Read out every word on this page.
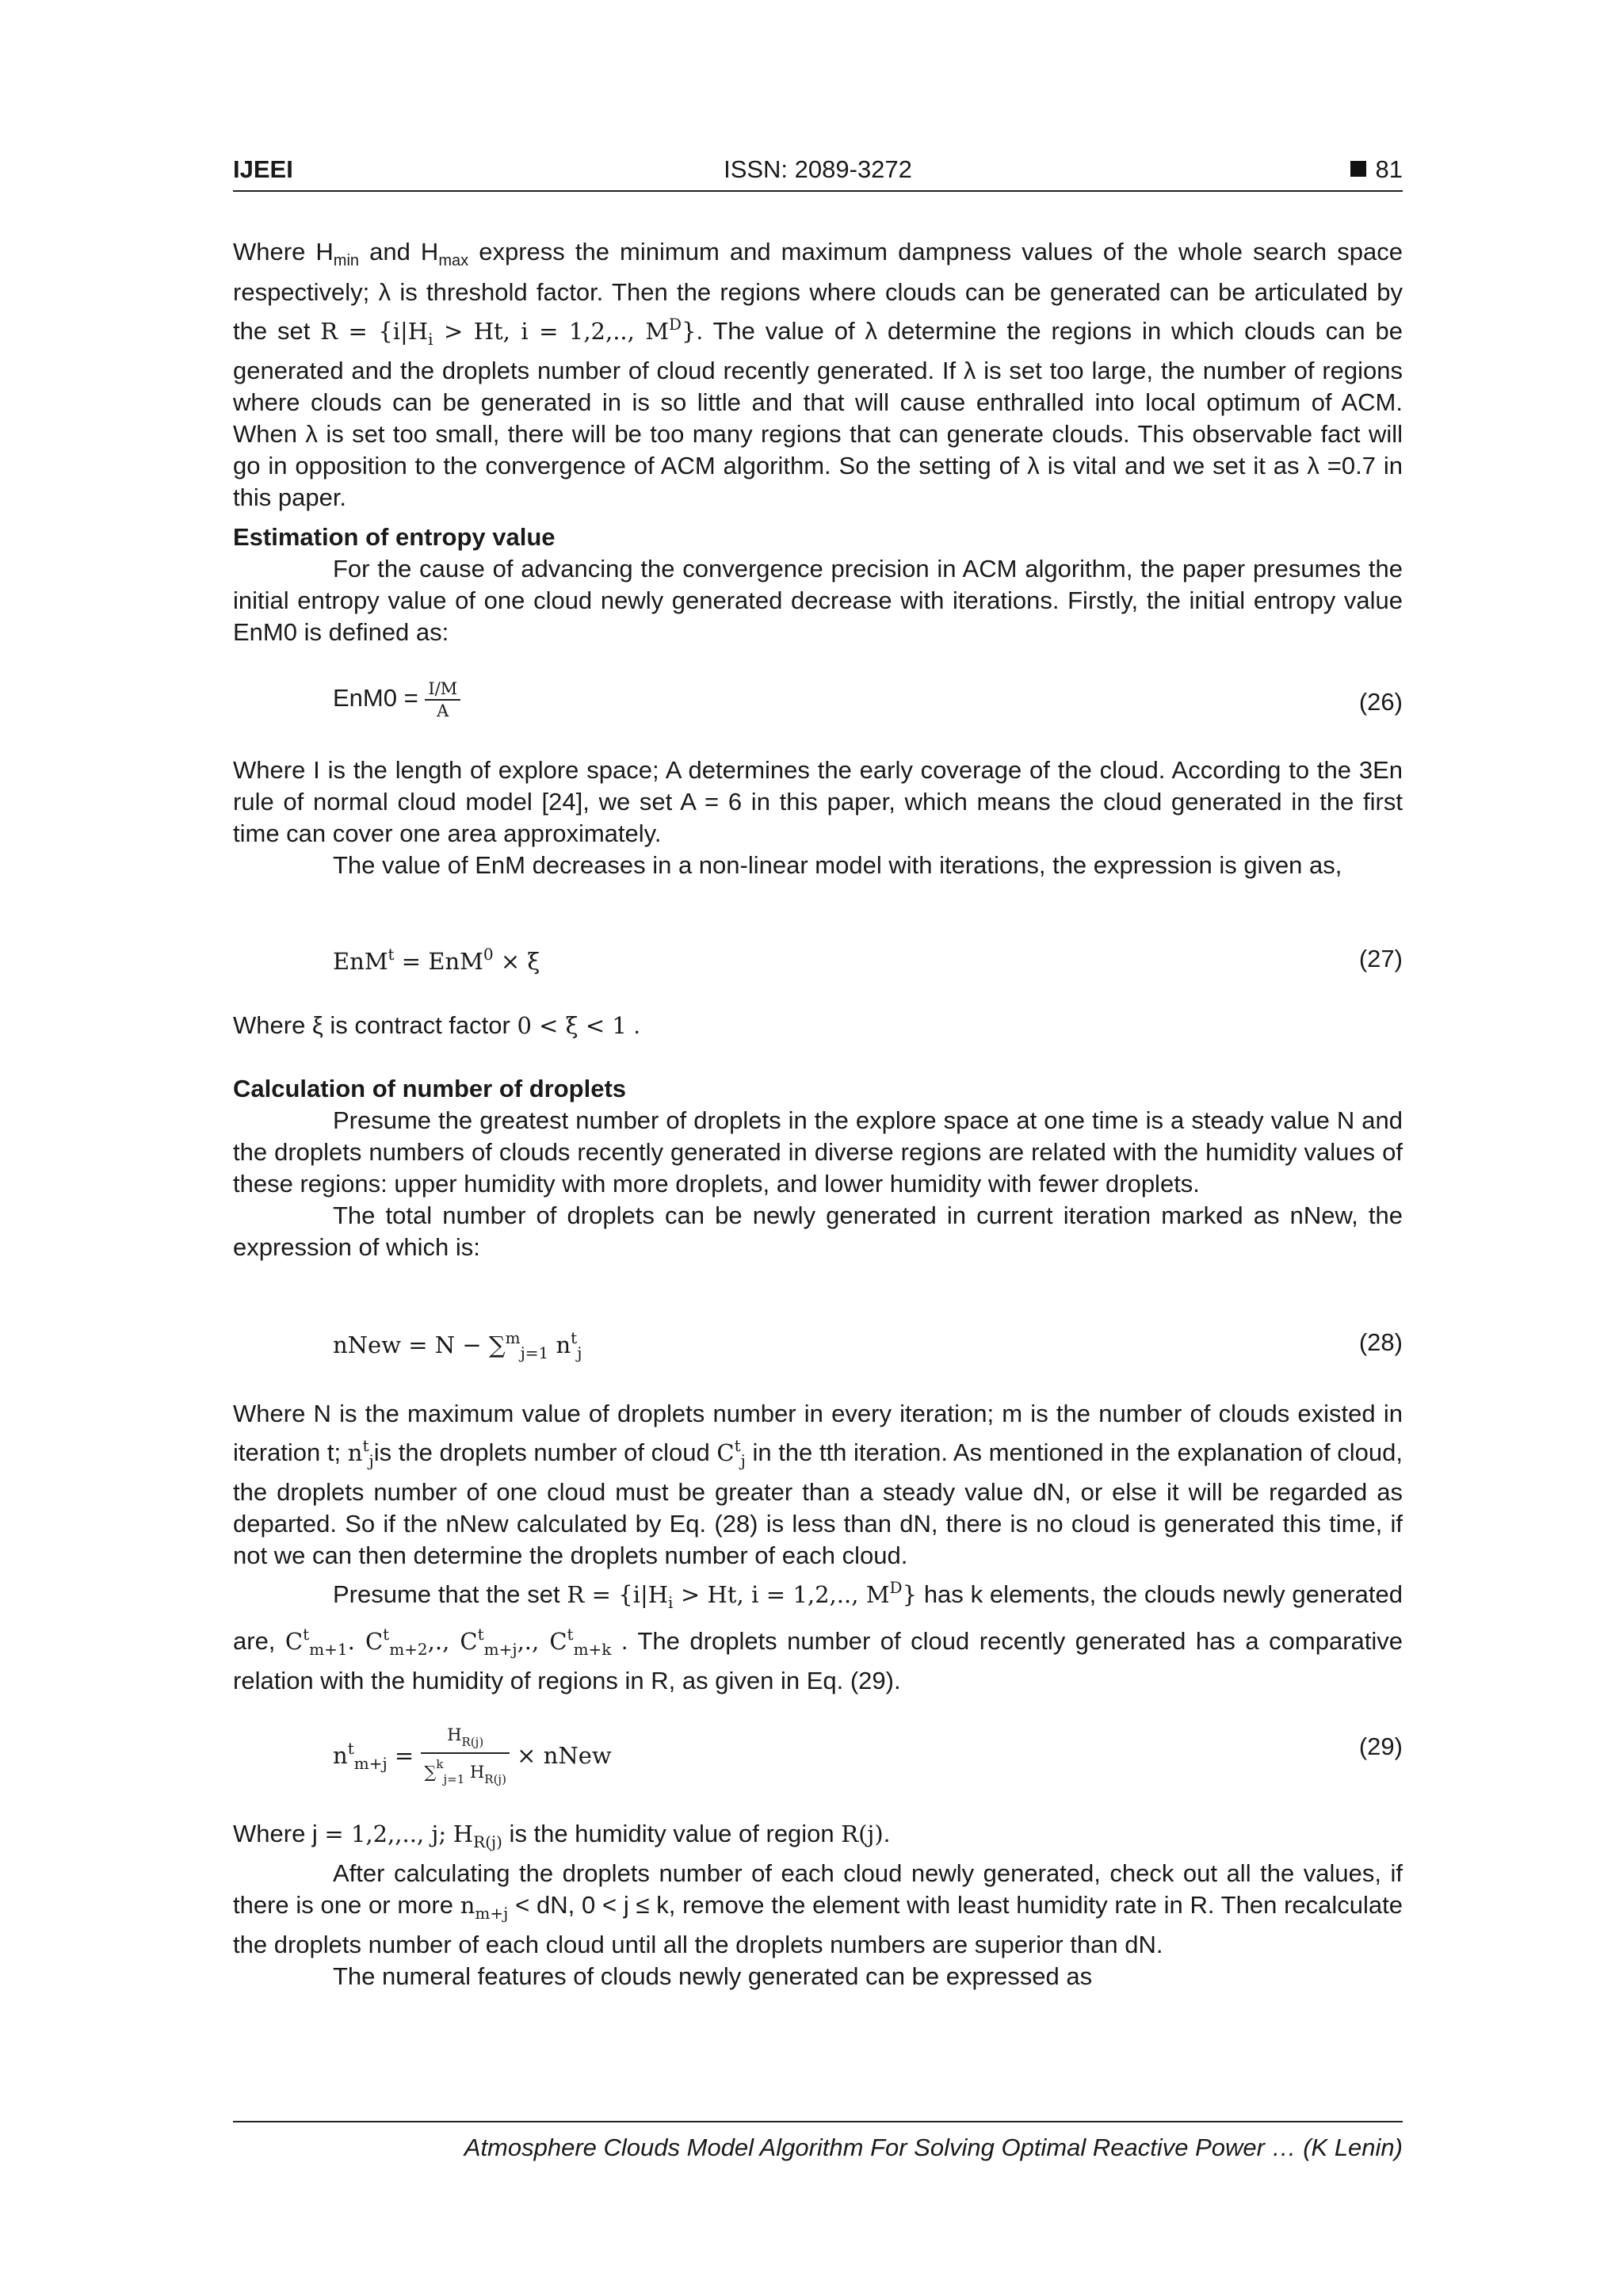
IJEEI	ISSN: 2089-3272	81

Where $H_{min}$ and $H_{max}$ express the minimum and maximum dampness values of the whole search space respectively; λ is threshold factor. Then the regions where clouds can be generated can be articulated by the set $R = \{i|H_i > Ht$, i = 1,2,.., $M^D$}. The value of λ determine the regions in which clouds can be generated and the droplets number of cloud recently generated. If λ is set too large, the number of regions where clouds can be generated in is so little and that will cause enthralled into local optimum of ACM. When λ is set too small, there will be too many regions that can generate clouds. This observable fact will go in opposition to the convergence of ACM algorithm. So the setting of λ is vital and we set it as λ =0.7 in this paper.

Estimation of entropy value

For the cause of advancing the convergence precision in ACM algorithm, the paper presumes the initial entropy value of one cloud newly generated decrease with iterations. Firstly, the initial entropy value EnM0 is defined as:

$EnM0 = \frac{I/M}{A}$	(26)

Where I is the length of explore space; A determines the early coverage of the cloud. According to the 3En rule of normal cloud model [24], we set A = 6 in this paper, which means the cloud generated in the first time can cover one area approximately.

The value of EnM decreases in a non-linear model with iterations, the expression is given as,

EnM$^t$ = EnM$^0$ × ξ	(27)

Where ξ is contract factor 0 < ξ < 1 .

Calculation of number of droplets

Presume the greatest number of droplets in the explore space at one time is a steady value N and the droplets numbers of clouds recently generated in diverse regions are related with the humidity values of these regions: upper humidity with more droplets, and lower humidity with fewer droplets.

The total number of droplets can be newly generated in current iteration marked as nNew, the expression of which is:

nNew = N − ∑$^m_{j=1}$ $n^t_j$	(28)

Where N is the maximum value of droplets number in every iteration; m is the number of clouds existed in iteration t; $n^t_jis$ the droplets number of cloud $C^t_j$ in the tth iteration. As mentioned in the explanation of cloud, the droplets number of one cloud must be greater than a steady value dN, or else it will be regarded as departed. So if the nNew calculated by Eq. (28) is less than dN, there is no cloud is generated this time, if not we can then determine the droplets number of each cloud.

Presume that the set $R = \{i|H_i > Ht$, i = 1,2,.., $M^D$} has k elements, the clouds newly generated are, $C^t_{m+1}$. $C^t_{m+2}$,., $C^t_{m+j}$,., $C^t_{m+k}$ . The droplets number of cloud recently generated has a comparative relation with the humidity of regions in R, as given in Eq. (29).

$n^t_{m+j} = \frac{H_{R(j)}}{\sum^k_{j=1} H_{R(j)}}$ × nNew	(29)

Where j = 1,2,,.., j; $H_{R(j)}$ is the humidity value of region R(j).

After calculating the droplets number of each cloud newly generated, check out all the values, if there is one or more $n_{m+j}$ < dN, 0 < j ≤ k, remove the element with least humidity rate in R. Then recalculate the droplets number of each cloud until all the droplets numbers are superior than dN.

The numeral features of clouds newly generated can be expressed as

Atmosphere Clouds Model Algorithm For Solving Optimal Reactive Power … (K Lenin)
